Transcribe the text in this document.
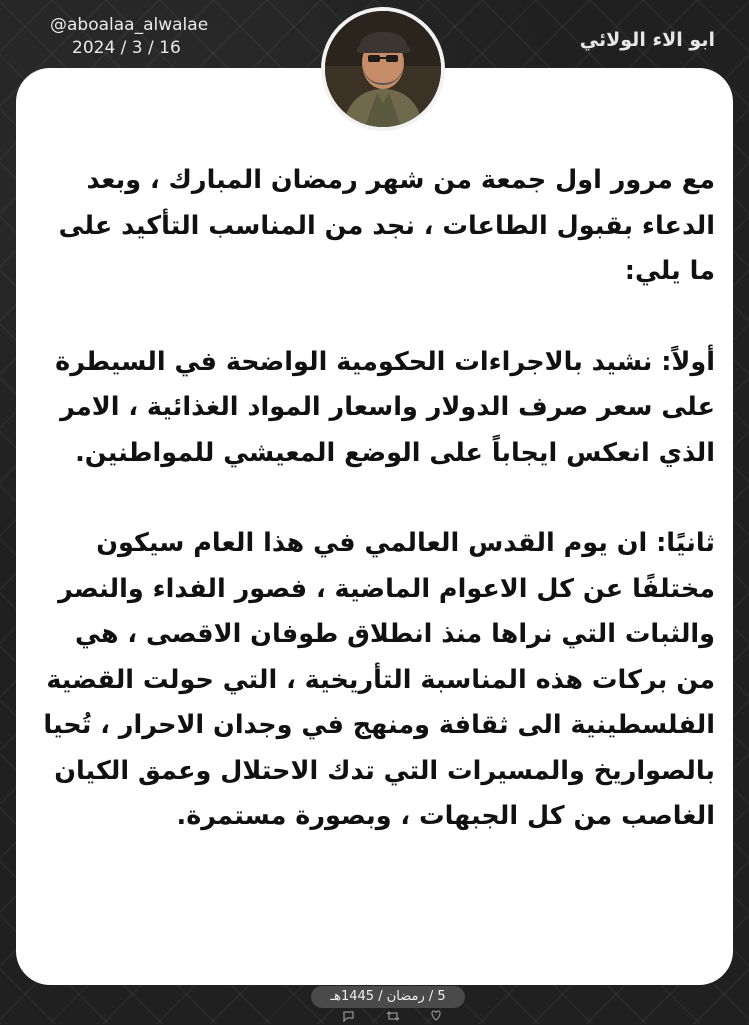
@aboalaa_alwalae
2024 / 3 / 16	ابو الاء الولائي

مع مرور اول جمعة من شهر رمضان المبارك ، وبعد الدعاء بقبول الطاعات ، نجد من المناسب التأكيد على ما يلي:

أولاً: نشيد بالاجراءات الحكومية الواضحة في السيطرة على سعر صرف الدولار واسعار المواد الغذائية ، الامر الذي انعكس ايجاباً على الوضع المعيشي للمواطنين.

ثانيًا: ان يوم القدس العالمي في هذا العام سيكون مختلفًا عن كل الاعوام الماضية ، فصور الفداء والنصر والثبات التي نراها منذ انطلاق طوفان الاقصى ، هي من بركات هذه المناسبة التأريخية ، التي حولت القضية الفلسطينية الى ثقافة ومنهج في وجدان الاحرار ، تُحيا بالصواريخ والمسيرات التي تدك الاحتلال وعمق الكيان الغاصب من كل الجبهات ، وبصورة مستمرة.

5 / رمضان / 1445هـ
